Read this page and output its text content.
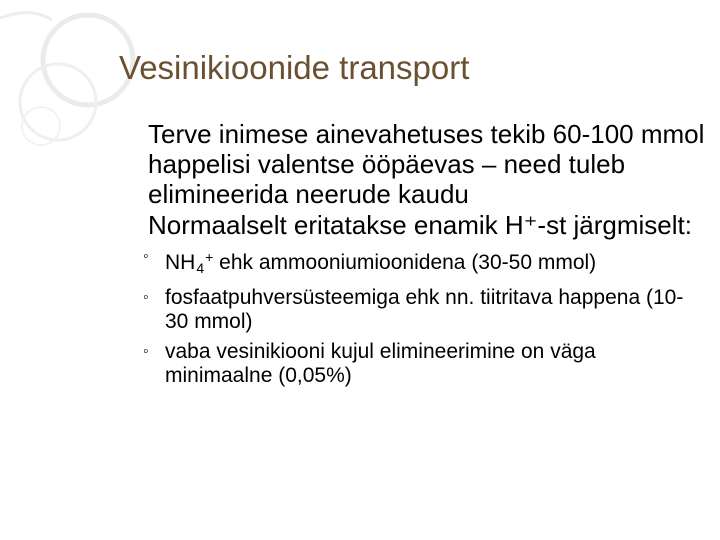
Vesinikioonide transport
Terve inimese ainevahetuses tekib 60-100 mmol happelisi valentse ööpäevas – need tuleb elimineerida neerude kaudu
Normaalselt eritatakse enamik H⁺-st järgmiselt:
◦ $NH_4^+$ ehk ammooniumioonidena (30-50 mmol)
◦ fosfaatpuhversüsteemiga ehk nn. tiitritava happena (10-30 mmol)
◦ vaba vesinikiooni kujul elimineerimine on väga minimaalne (0,05%)
